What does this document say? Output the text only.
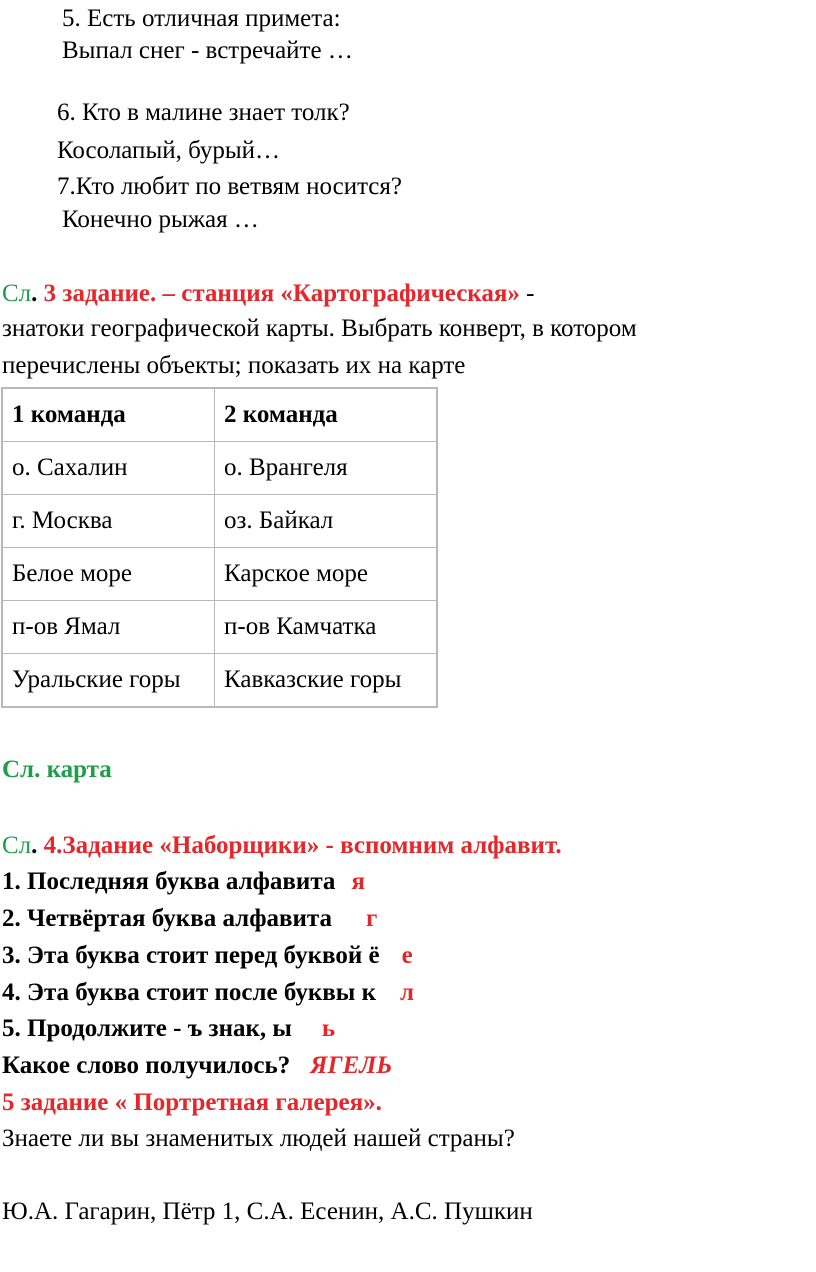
5. Есть отличная примета:
Выпал снег - встречайте …
6. Кто в малине знает толк?
Косолапый, бурый…
7.Кто любит по ветвям носится?
Конечно рыжая …
Сл. 3 задание. – станция «Картографическая» -
знатоки географической карты. Выбрать конверт, в котором
перечислены объекты; показать их на карте
1 команда	2 команда
о. Сахалин	о. Врангеля
г. Москва	оз. Байкал
Белое море	Карское море
п-ов Ямал	п-ов Камчатка
Уральские горы	Кавказские горы
Сл. карта
Сл. 4.Задание «Наборщики» - вспомним алфавит.
1. Последняя буква алфавита я
2. Четвёртая буква алфавита г
3. Эта буква стоит перед буквой ё е
4. Эта буква стоит после буквы к л
5. Продолжите - ъ знак, ы ь
Какое слово получилось? ЯГЕЛЬ
5 задание « Портретная галерея».
Знаете ли вы знаменитых людей нашей страны?
Ю.А. Гагарин, Пётр 1, С.А. Есенин, А.С. Пушкин
